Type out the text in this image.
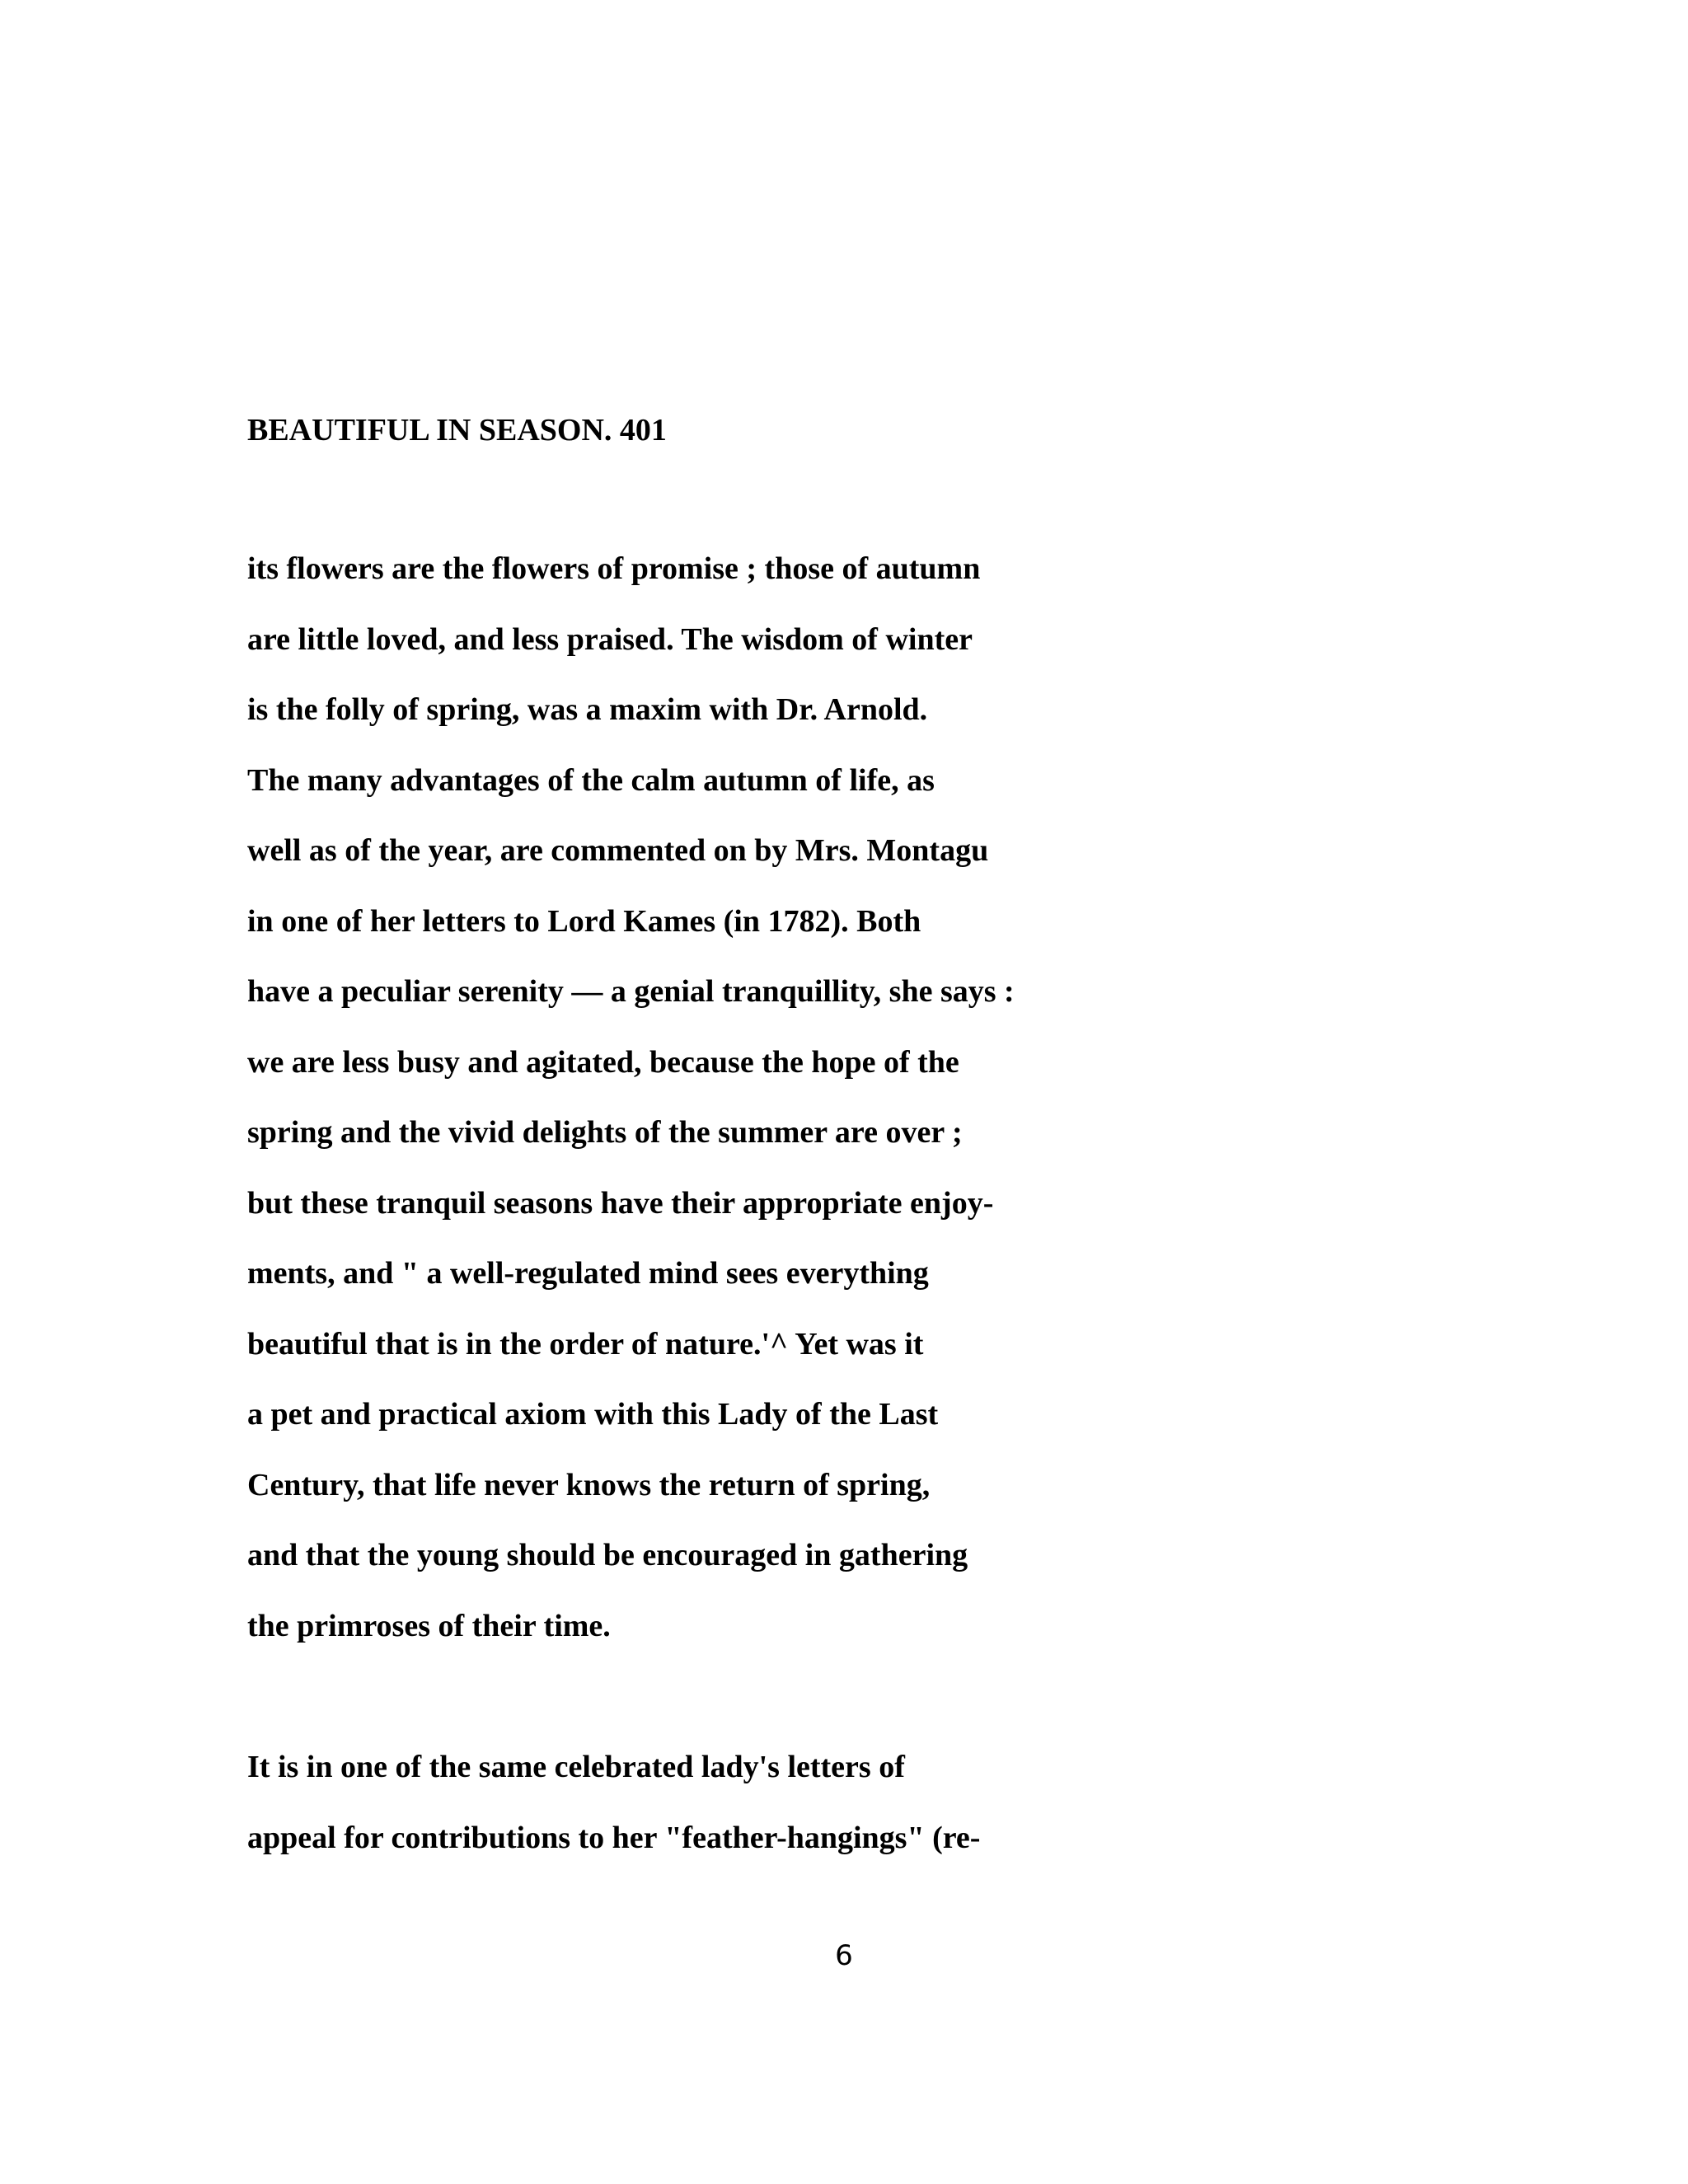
BEAUTIFUL IN SEASON. 401
its flowers are the flowers of promise ; those of autumn
are little loved, and less praised. The wisdom of winter
is the folly of spring, was a maxim with Dr. Arnold.
The many advantages of the calm autumn of life, as
well as of the year, are commented on by Mrs. Montagu
in one of her letters to Lord Kames (in 1782). Both
have a peculiar serenity — a genial tranquillity, she says :
we are less busy and agitated, because the hope of the
spring and the vivid delights of the summer are over ;
but these tranquil seasons have their appropriate enjoy-
ments, and " a well-regulated mind sees everything
beautiful that is in the order of nature.'^ Yet was it
a pet and practical axiom with this Lady of the Last
Century, that life never knows the return of spring,
and that the young should be encouraged in gathering
the primroses of their time.
It is in one of the same celebrated lady's letters of
appeal for contributions to her "feather-hangings" (re-
6
